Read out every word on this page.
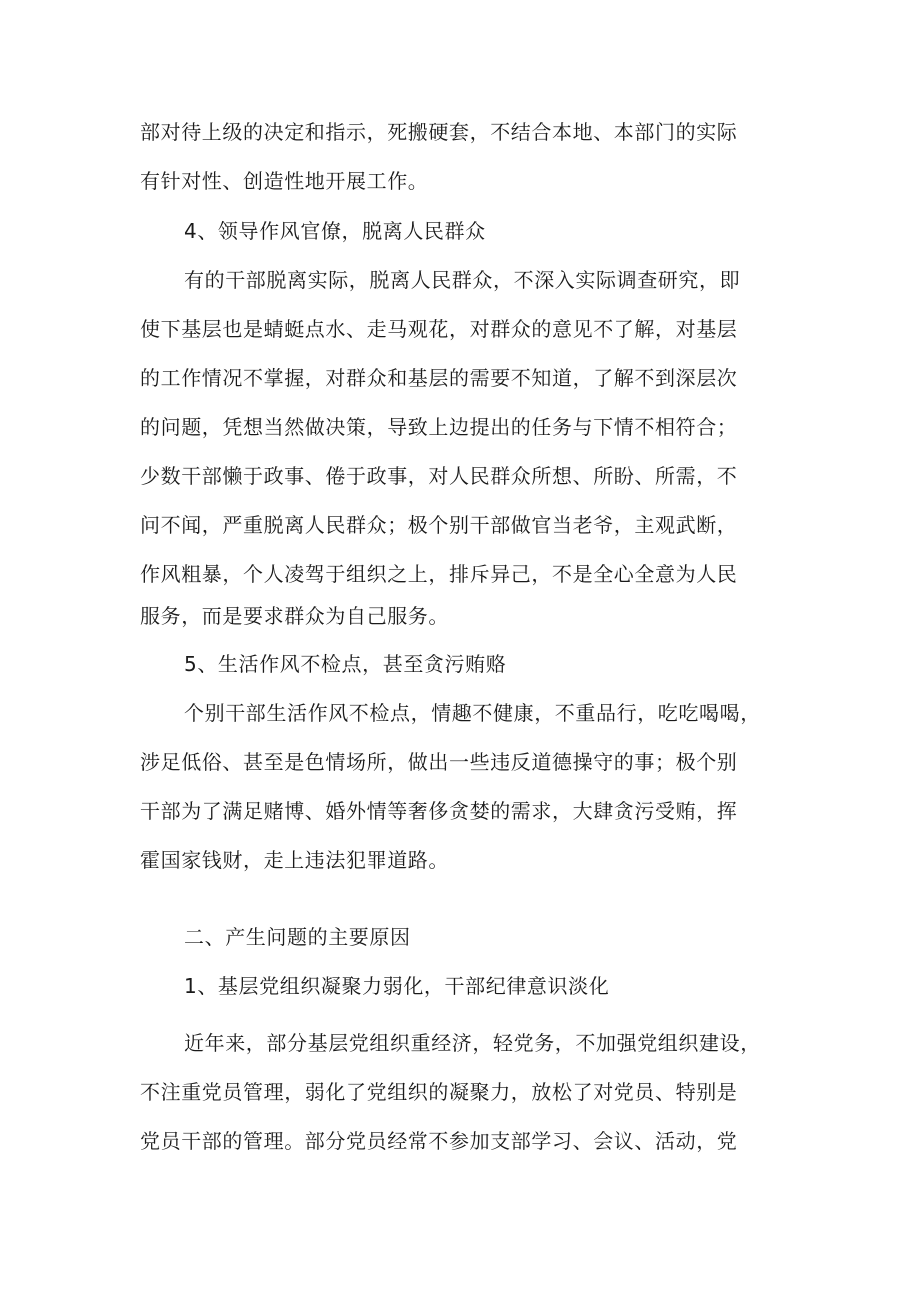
部对待上级的决定和指示，死搬硬套，不结合本地、本部门的实际
有针对性、创造性地开展工作。
4、领导作风官僚，脱离人民群众
有的干部脱离实际，脱离人民群众，不深入实际调查研究，即
使下基层也是蜻蜓点水、走马观花，对群众的意见不了解，对基层
的工作情况不掌握，对群众和基层的需要不知道，了解不到深层次
的问题，凭想当然做决策，导致上边提出的任务与下情不相符合；
少数干部懒于政事、倦于政事，对人民群众所想、所盼、所需，不
问不闻，严重脱离人民群众；极个别干部做官当老爷，主观武断，
作风粗暴，个人凌驾于组织之上，排斥异己，不是全心全意为人民
服务，而是要求群众为自己服务。
5、生活作风不检点，甚至贪污贿赂
个别干部生活作风不检点，情趣不健康，不重品行，吃吃喝喝，
涉足低俗、甚至是色情场所，做出一些违反道德操守的事；极个别
干部为了满足赌博、婚外情等奢侈贪婪的需求，大肆贪污受贿，挥
霍国家钱财，走上违法犯罪道路。
二、产生问题的主要原因
1、基层党组织凝聚力弱化，干部纪律意识淡化
近年来，部分基层党组织重经济，轻党务，不加强党组织建设，
不注重党员管理，弱化了党组织的凝聚力，放松了对党员、特别是
党员干部的管理。部分党员经常不参加支部学习、会议、活动，党
